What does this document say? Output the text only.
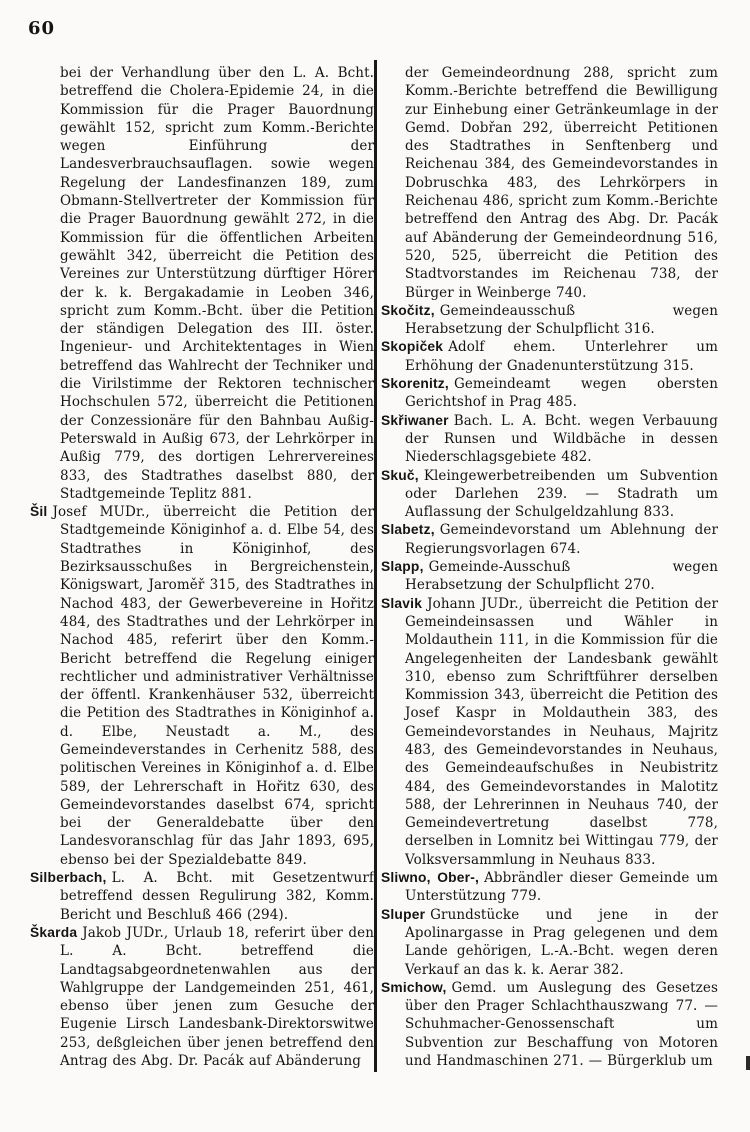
60

bei der Verhandlung über den L. A. Bcht. betreffend die Cholera-Epidemie 24, in die Kommission für die Prager Bauordnung gewählt 152, spricht zum Komm.-Berichte wegen Einführung der Landesverbrauchsauflagen. sowie wegen Regelung der Landesfinanzen 189, zum Obmann-Stellvertreter der Kommission für die Prager Bauordnung gewählt 272, in die Kommission für die öffentlichen Arbeiten gewählt 342, überreicht die Petition des Vereines zur Unterstützung dürftiger Hörer der k. k. Bergakadamie in Leoben 346, spricht zum Komm.-Bcht. über die Petition der ständigen Delegation des III. öster. Ingenieur- und Architektentages in Wien betreffend das Wahlrecht der Techniker und die Virilstimme der Rektoren technischer Hochschulen 572, überreicht die Petitionen der Conzessionäre für den Bahnbau Außig-Peterswald in Außig 673, der Lehrkörper in Außig 779, des dortigen Lehrervereines 833, des Stadtrathes daselbst 880, der Stadtgemeinde Teplitz 881.

Šil Josef MUDr., überreicht die Petition der Stadtgemeinde Königinhof a. d. Elbe 54, des Stadtrathes in Königinhof, des Bezirksausschußes in Bergreichenstein, Königswart, Jaroměř 315, des Stadtrathes in Nachod 483, der Gewerbevereine in Hořitz 484, des Stadtrathes und der Lehrkörper in Nachod 485, referirt über den Komm.-Bericht betreffend die Regelung einiger rechtlicher und administrativer Verhältnisse der öffentl. Krankenhäuser 532, überreicht die Petition des Stadtrathes in Königinhof a. d. Elbe, Neustadt a. M., des Gemeindeverstandes in Cerhenitz 588, des politischen Vereines in Königinhof a. d. Elbe 589, der Lehrerschaft in Hořitz 630, des Gemeindevorstandes daselbst 674, spricht bei der Generaldebatte über den Landesvoranschlag für das Jahr 1893, 695, ebenso bei der Spezialdebatte 849.

Silberbach, L. A. Bcht. mit Gesetzentwurf betreffend dessen Regulirung 382, Komm. Bericht und Beschluß 466 (294).

Škarda Jakob JUDr., Urlaub 18, referirt über den L. A. Bcht. betreffend die Landtagsabgeordnetenwahlen aus der Wahlgruppe der Landgemeinden 251, 461, ebenso über jenen zum Gesuche der Eugenie Lirsch Landesbank-Direktorswitwe 253, deßgleichen über jenen betreffend den Antrag des Abg. Dr. Pacák auf Abänderung

der Gemeindeordnung 288, spricht zum Komm.-Berichte betreffend die Bewilligung zur Einhebung einer Getränkeumlage in der Gemd. Dobřan 292, überreicht Petitionen des Stadtrathes in Senftenberg und Reichenau 384, des Gemeindevorstandes in Dobruschka 483, des Lehrkörpers in Reichenau 486, spricht zum Komm.-Berichte betreffend den Antrag des Abg. Dr. Pacák auf Abänderung der Gemeindeordnung 516, 520, 525, überreicht die Petition des Stadtvorstandes im Reichenau 738, der Bürger in Weinberge 740.

Skočitz, Gemeindeausschuß wegen Herabsetzung der Schulpflicht 316.

Skopiček Adolf ehem. Unterlehrer um Erhöhung der Gnadenunterstützung 315.

Skorenitz, Gemeindeamt wegen obersten Gerichtshof in Prag 485.

Skřiwaner Bach. L. A. Bcht. wegen Verbauung der Runsen und Wildbäche in dessen Niederschlagsgebiete 482.

Skuč, Kleingewerbetreibenden um Subvention oder Darlehen 239. — Stadrath um Auflassung der Schulgeldzahlung 833.

Slabetz, Gemeindevorstand um Ablehnung der Regierungsvorlagen 674.

Slapp, Gemeinde-Ausschuß wegen Herabsetzung der Schulpflicht 270.

Slavik Johann JUDr., überreicht die Petition der Gemeindeinsassen und Wähler in Moldauthein 111, in die Kommission für die Angelegenheiten der Landesbank gewählt 310, ebenso zum Schriftführer derselben Kommission 343, überreicht die Petition des Josef Kaspr in Moldauthein 383, des Gemeindevorstandes in Neuhaus, Majritz 483, des Gemeindevorstandes in Neuhaus, des Gemeindeaufschußes in Neubistritz 484, des Gemeindevorstandes in Malotitz 588, der Lehrerinnen in Neuhaus 740, der Gemeindevertretung daselbst 778, derselben in Lomnitz bei Wittingau 779, der Volksversammlung in Neuhaus 833.

Sliwno, Ober-, Abbrändler dieser Gemeinde um Unterstützung 779.

Sluper Grundstücke und jene in der Apolinargasse in Prag gelegenen und dem Lande gehörigen, L.-A.-Bcht. wegen deren Verkauf an das k. k. Aerar 382.

Smichow, Gemd. um Auslegung des Gesetzes über den Prager Schlachthauszwang 77. — Schuhmacher-Genossenschaft um Subvention zur Beschaffung von Motoren und Handmaschinen 271. — Bürgerklub um
